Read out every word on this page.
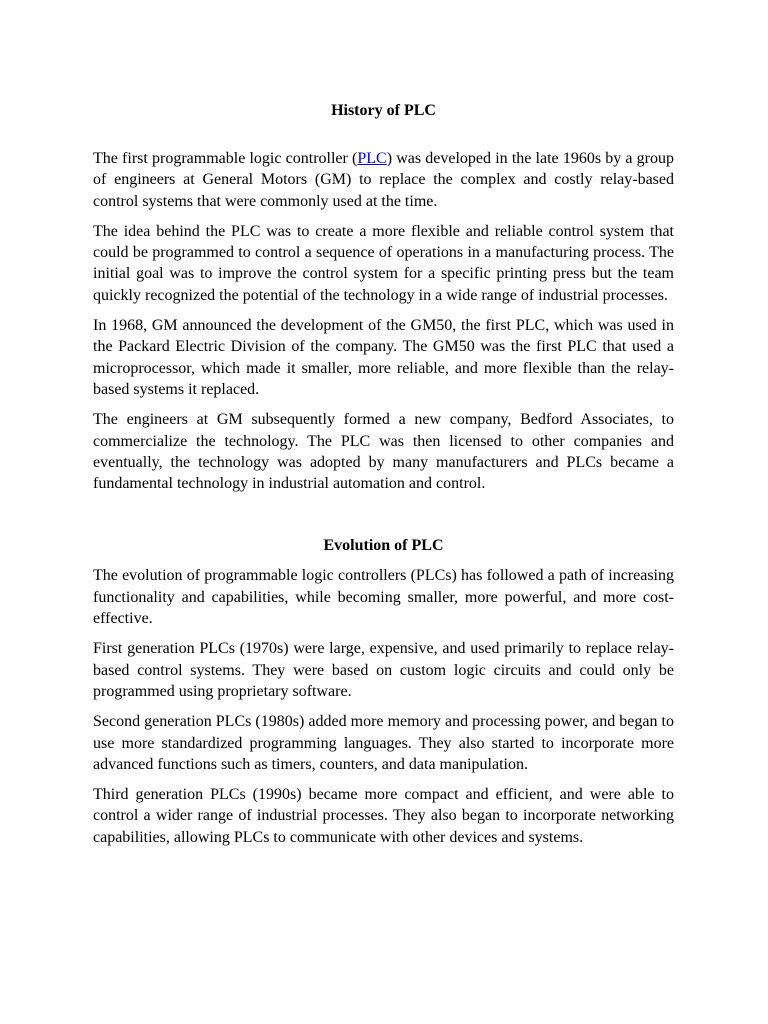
History of PLC

The first programmable logic controller (PLC) was developed in the late 1960s by a group of engineers at General Motors (GM) to replace the complex and costly relay-based control systems that were commonly used at the time.

The idea behind the PLC was to create a more flexible and reliable control system that could be programmed to control a sequence of operations in a manufacturing process. The initial goal was to improve the control system for a specific printing press but the team quickly recognized the potential of the technology in a wide range of industrial processes.

In 1968, GM announced the development of the GM50, the first PLC, which was used in the Packard Electric Division of the company. The GM50 was the first PLC that used a microprocessor, which made it smaller, more reliable, and more flexible than the relay-based systems it replaced.

The engineers at GM subsequently formed a new company, Bedford Associates, to commercialize the technology. The PLC was then licensed to other companies and eventually, the technology was adopted by many manufacturers and PLCs became a fundamental technology in industrial automation and control.

Evolution of PLC

The evolution of programmable logic controllers (PLCs) has followed a path of increasing functionality and capabilities, while becoming smaller, more powerful, and more cost-effective.

First generation PLCs (1970s) were large, expensive, and used primarily to replace relay-based control systems. They were based on custom logic circuits and could only be programmed using proprietary software.

Second generation PLCs (1980s) added more memory and processing power, and began to use more standardized programming languages. They also started to incorporate more advanced functions such as timers, counters, and data manipulation.

Third generation PLCs (1990s) became more compact and efficient, and were able to control a wider range of industrial processes. They also began to incorporate networking capabilities, allowing PLCs to communicate with other devices and systems.
